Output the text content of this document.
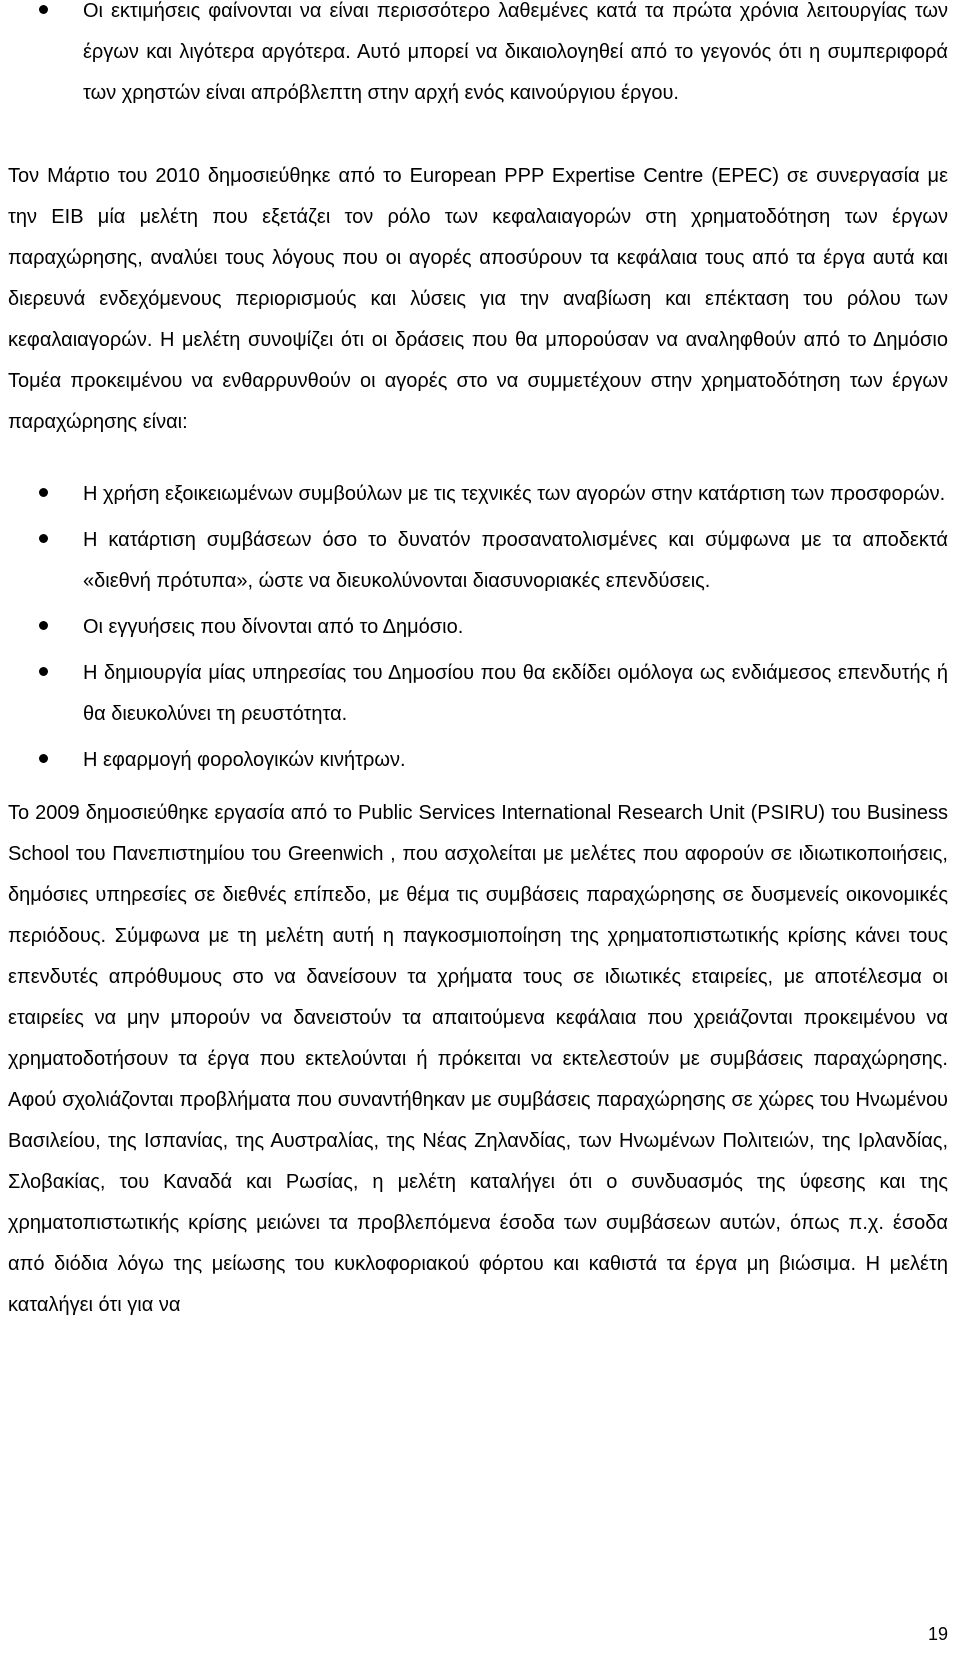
Οι εκτιμήσεις φαίνονται να είναι περισσότερο λαθεμένες κατά τα πρώτα χρόνια λειτουργίας των έργων και λιγότερα αργότερα. Αυτό μπορεί να δικαιολογηθεί από το γεγονός ότι η συμπεριφορά των χρηστών είναι απρόβλεπτη στην αρχή ενός καινούργιου έργου.

Τον Μάρτιο του 2010 δημοσιεύθηκε από το European PPP Expertise Centre (EPEC) σε συνεργασία με την ΕΙΒ μία μελέτη που εξετάζει τον ρόλο των κεφαλαιαγορών στη χρηματοδότηση των έργων παραχώρησης, αναλύει τους λόγους που οι αγορές αποσύρουν τα κεφάλαια τους από τα έργα αυτά και διερευνά ενδεχόμενους περιορισμούς και λύσεις για την αναβίωση και επέκταση του ρόλου των κεφαλαιαγορών. Η μελέτη συνοψίζει ότι οι δράσεις που θα μπορούσαν να αναληφθούν από το Δημόσιο Τομέα προκειμένου να ενθαρρυνθούν οι αγορές στο να συμμετέχουν στην χρηματοδότηση των έργων παραχώρησης είναι:

Η χρήση εξοικειωμένων συμβούλων με τις τεχνικές των αγορών στην κατάρτιση των προσφορών.

Η κατάρτιση συμβάσεων όσο το δυνατόν προσανατολισμένες και σύμφωνα με τα αποδεκτά «διεθνή πρότυπα», ώστε να διευκολύνονται διασυνοριακές επενδύσεις.

Οι εγγυήσεις που δίνονται από το Δημόσιο.

Η δημιουργία μίας υπηρεσίας του Δημοσίου που θα εκδίδει ομόλογα ως ενδιάμεσος επενδυτής ή θα διευκολύνει τη ρευστότητα.

Η εφαρμογή φορολογικών κινήτρων.

Το 2009 δημοσιεύθηκε εργασία από το Public Services International Research Unit (PSIRU) του Business School του Πανεπιστημίου του Greenwich , που ασχολείται με μελέτες που αφορούν σε ιδιωτικοποιήσεις, δημόσιες υπηρεσίες σε διεθνές επίπεδο, με θέμα τις συμβάσεις παραχώρησης σε δυσμενείς οικονομικές περιόδους. Σύμφωνα με τη μελέτη αυτή η παγκοσμιοποίηση της χρηματοπιστωτικής κρίσης κάνει τους επενδυτές απρόθυμους στο να δανείσουν τα χρήματα τους σε ιδιωτικές εταιρείες, με αποτέλεσμα οι εταιρείες να μην μπορούν να δανειστούν τα απαιτούμενα κεφάλαια που χρειάζονται προκειμένου να χρηματοδοτήσουν τα έργα που εκτελούνται ή πρόκειται να εκτελεστούν με συμβάσεις παραχώρησης. Αφού σχολιάζονται προβλήματα που συναντήθηκαν με συμβάσεις παραχώρησης σε χώρες του Ηνωμένου Βασιλείου, της Ισπανίας, της Αυστραλίας, της Νέας Ζηλανδίας, των Ηνωμένων Πολιτειών, της Ιρλανδίας, Σλοβακίας, του Καναδά και Ρωσίας, η μελέτη καταλήγει ότι ο συνδυασμός της ύφεσης και της χρηματοπιστωτικής κρίσης μειώνει τα προβλεπόμενα έσοδα των συμβάσεων αυτών, όπως π.χ. έσοδα από διόδια λόγω της μείωσης του κυκλοφοριακού φόρτου και καθιστά τα έργα μη βιώσιμα. Η μελέτη καταλήγει ότι για να

19
